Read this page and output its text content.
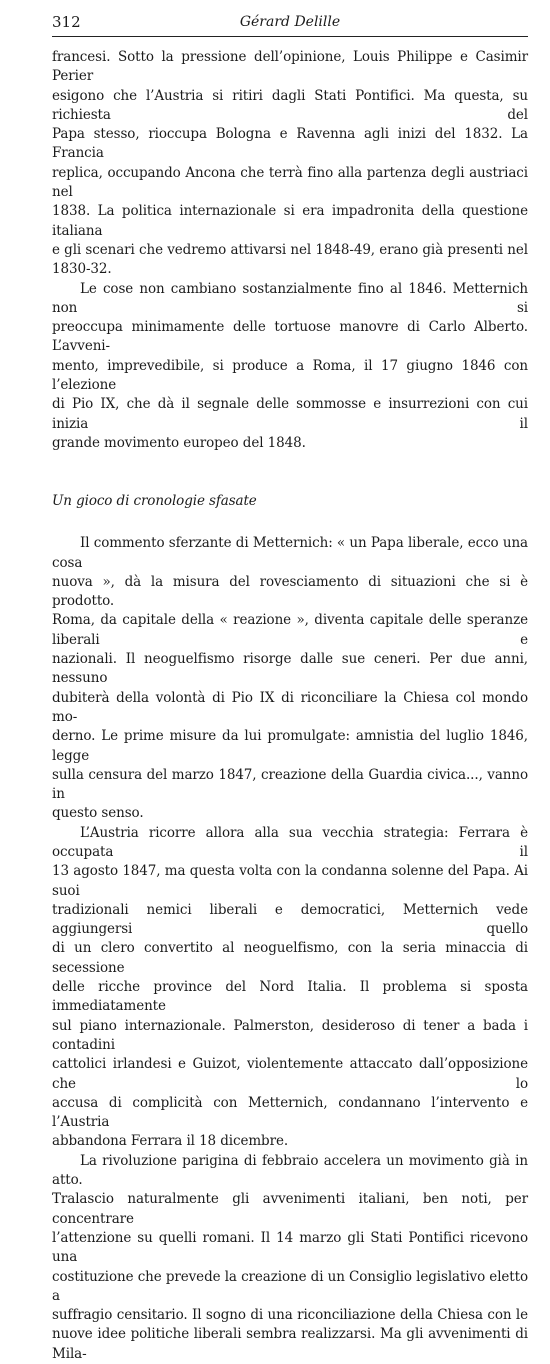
312	Gérard Delille

francesi. Sotto la pressione dell’opinione, Louis Philippe e Casimir Perier

esigono che l’Austria si ritiri dagli Stati Pontifici. Ma questa, su richiesta del

Papa stesso, rioccupa Bologna e Ravenna agli inizi del 1832. La Francia

replica, occupando Ancona che terrà fino alla partenza degli austriaci nel

1838. La politica internazionale si era impadronita della questione italiana

e gli scenari che vedremo attivarsi nel 1848-49, erano già presenti nel

1830-32.

Le cose non cambiano sostanzialmente fino al 1846. Metternich non si

preoccupa minimamente delle tortuose manovre di Carlo Alberto. L’avveni-

mento, imprevedibile, si produce a Roma, il 17 giugno 1846 con l’elezione

di Pio IX, che dà il segnale delle sommosse e insurrezioni con cui inizia il

grande movimento europeo del 1848.

Un gioco di cronologie sfasate

Il commento sferzante di Metternich: « un Papa liberale, ecco una cosa

nuova », dà la misura del rovesciamento di situazioni che si è prodotto.

Roma, da capitale della « reazione », diventa capitale delle speranze liberali e

nazionali. Il neoguelfismo risorge dalle sue ceneri. Per due anni, nessuno

dubiterà della volontà di Pio IX di riconciliare la Chiesa col mondo mo-

derno. Le prime misure da lui promulgate: amnistia del luglio 1846, legge

sulla censura del marzo 1847, creazione della Guardia civica..., vanno in

questo senso.

L’Austria ricorre allora alla sua vecchia strategia: Ferrara è occupata il

13 agosto 1847, ma questa volta con la condanna solenne del Papa. Ai suoi

tradizionali nemici liberali e democratici, Metternich vede aggiungersi quello

di un clero convertito al neoguelfismo, con la seria minaccia di secessione

delle ricche province del Nord Italia. Il problema si sposta immediatamente

sul piano internazionale. Palmerston, desideroso di tener a bada i contadini

cattolici irlandesi e Guizot, violentemente attaccato dall’opposizione che lo

accusa di complicità con Metternich, condannano l’intervento e l’Austria

abbandona Ferrara il 18 dicembre.

La rivoluzione parigina di febbraio accelera un movimento già in atto.

Tralascio naturalmente gli avvenimenti italiani, ben noti, per concentrare

l’attenzione su quelli romani. Il 14 marzo gli Stati Pontifici ricevono una

costituzione che prevede la creazione di un Consiglio legislativo eletto a

suffragio censitario. Il sogno di una riconciliazione della Chiesa con le

nuove idee politiche liberali sembra realizzarsi. Ma gli avvenimenti di Mila-
